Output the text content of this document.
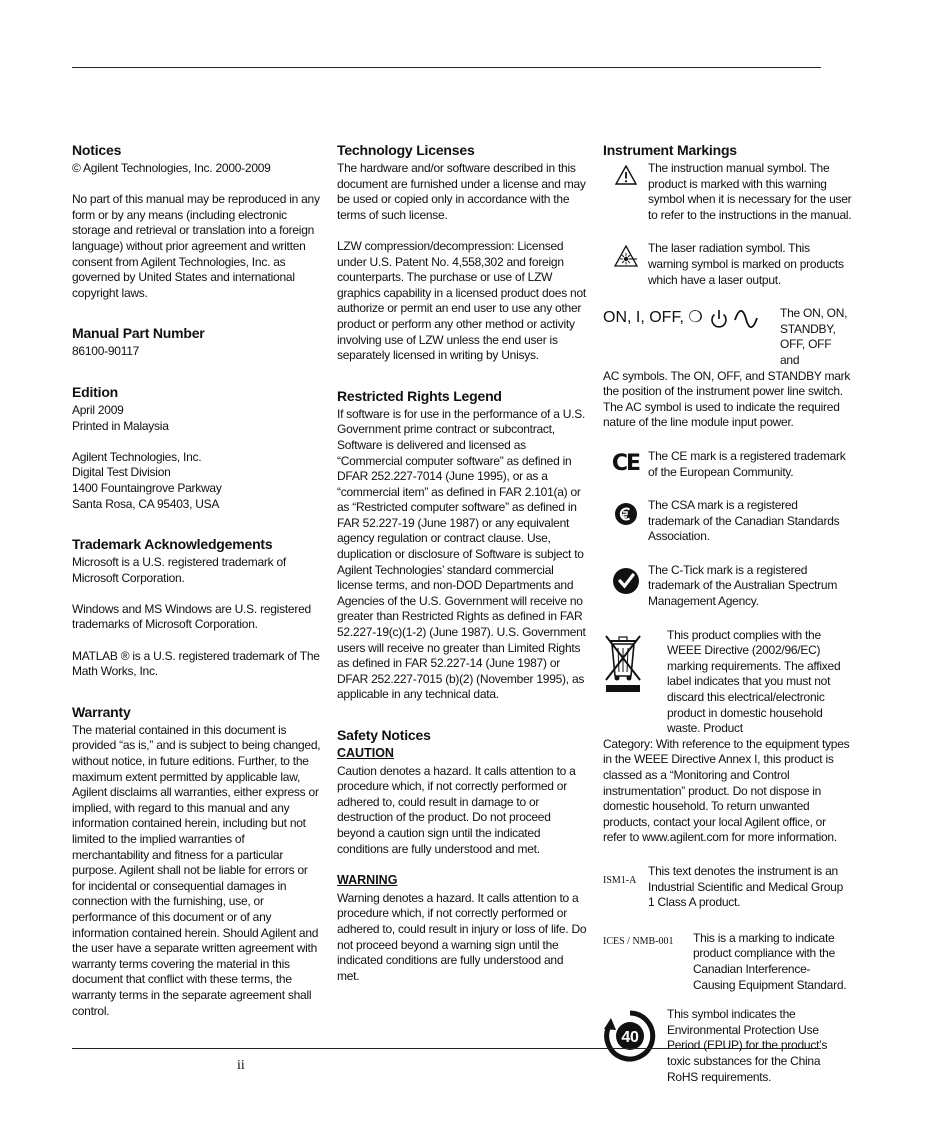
Notices

© Agilent Technologies, Inc. 2000-2009

No part of this manual may be reproduced in any form or by any means (including electronic storage and retrieval or translation into a foreign language) without prior agreement and written consent from Agilent Technologies, Inc. as governed by United States and international copyright laws.

Manual Part Number

86100-90117

Edition
April 2009
Printed in Malaysia
Agilent Technologies, Inc.
Digital Test Division
1400 Fountaingrove Parkway
Santa Rosa, CA 95403, USA
Trademark Acknowledgements

Microsoft is a U.S. registered trademark of Microsoft Corporation.

Windows and MS Windows are U.S. registered trademarks of Microsoft Corporation.

MATLAB ® is a U.S. registered trademark of The Math Works, Inc.

Warranty

The material contained in this document is provided “as is,” and is subject to being changed, without notice, in future editions. Further, to the maximum extent permitted by applicable law, Agilent disclaims all warranties, either express or implied, with regard to this manual and any information contained herein, including but not limited to the implied warranties of merchantability and fitness for a particular purpose. Agilent shall not be liable for errors or for incidental or consequential damages in connection with the furnishing, use, or performance of this document or of any information contained herein. Should Agilent and the user have a separate written agreement with warranty terms covering the material in this document that conflict with these terms, the warranty terms in the separate agreement shall control.

Technology Licenses

The hardware and/or software described in this document are furnished under a license and may be used or copied only in accordance with the terms of such license.

LZW compression/decompression: Licensed under U.S. Patent No. 4,558,302 and foreign counterparts. The purchase or use of LZW graphics capability in a licensed product does not authorize or permit an end user to use any other product or perform any other method or activity involving use of LZW unless the end user is separately licensed in writing by Unisys.

Restricted Rights Legend

If software is for use in the performance of a U.S. Government prime contract or subcontract, Software is delivered and licensed as “Commercial computer software” as defined in DFAR 252.227-7014 (June 1995), or as a “commercial item” as defined in FAR 2.101(a) or as “Restricted computer software” as defined in FAR 52.227-19 (June 1987) or any equivalent agency regulation or contract clause. Use, duplication or disclosure of Software is subject to Agilent Technologies’ standard commercial license terms, and non-DOD Departments and Agencies of the U.S. Government will receive no greater than Restricted Rights as defined in FAR 52.227-19(c)(1-2) (June 1987). U.S. Government users will receive no greater than Limited Rights as defined in FAR 52.227-14 (June 1987) or DFAR 252.227-7015 (b)(2) (November 1995), as applicable in any technical data.

Safety Notices
CAUTION

Caution denotes a hazard. It calls attention to a procedure which, if not correctly performed or adhered to, could result in damage to or destruction of the product. Do not proceed beyond a caution sign until the indicated conditions are fully understood and met.

WARNING

Warning denotes a hazard. It calls attention to a procedure which, if not correctly performed or adhered to, could result in injury or loss of life. Do not proceed beyond a warning sign until the indicated conditions are fully understood and met.

Instrument Markings
The instruction manual symbol. The product is marked with this warning symbol when it is necessary for the user to refer to the instructions in the manual.
The laser radiation symbol. This warning symbol is marked on products which have a laser output.
ON, I, OFF, ❍
	The ON, ON, STANDBY, OFF, OFF and
AC symbols. The ON, OFF, and STANDBY mark the position of the instrument power line switch. The AC symbol is used to indicate the required nature of the line module input power.
CE The CE mark is a registered trademark of the European Community.
The CSA mark is a registered trademark of the Canadian Standards Association.
The C-Tick mark is a registered trademark of the Australian Spectrum Management Agency.
This product complies with the WEEE Directive (2002/96/EC) marking requirements. The affixed label indicates that you must not discard this electrical/electronic product in domestic household waste. Product
Category: With reference to the equipment types in the WEEE Directive Annex I, this product is classed as a “Monitoring and Control instrumentation” product. Do not dispose in domestic household. To return unwanted products, contact your local Agilent office, or refer to www.agilent.com for more information.
ISM1-A
This text denotes the instrument is an Industrial Scientific and Medical Group 1 Class A product.
ICES / NMB-001 This is a marking to indicate product compliance with the Canadian Interference-Causing Equipment Standard.
40
This symbol indicates the Environmental Protection Use Period (EPUP) for the product’s toxic substances for the China RoHS requirements.
ii
